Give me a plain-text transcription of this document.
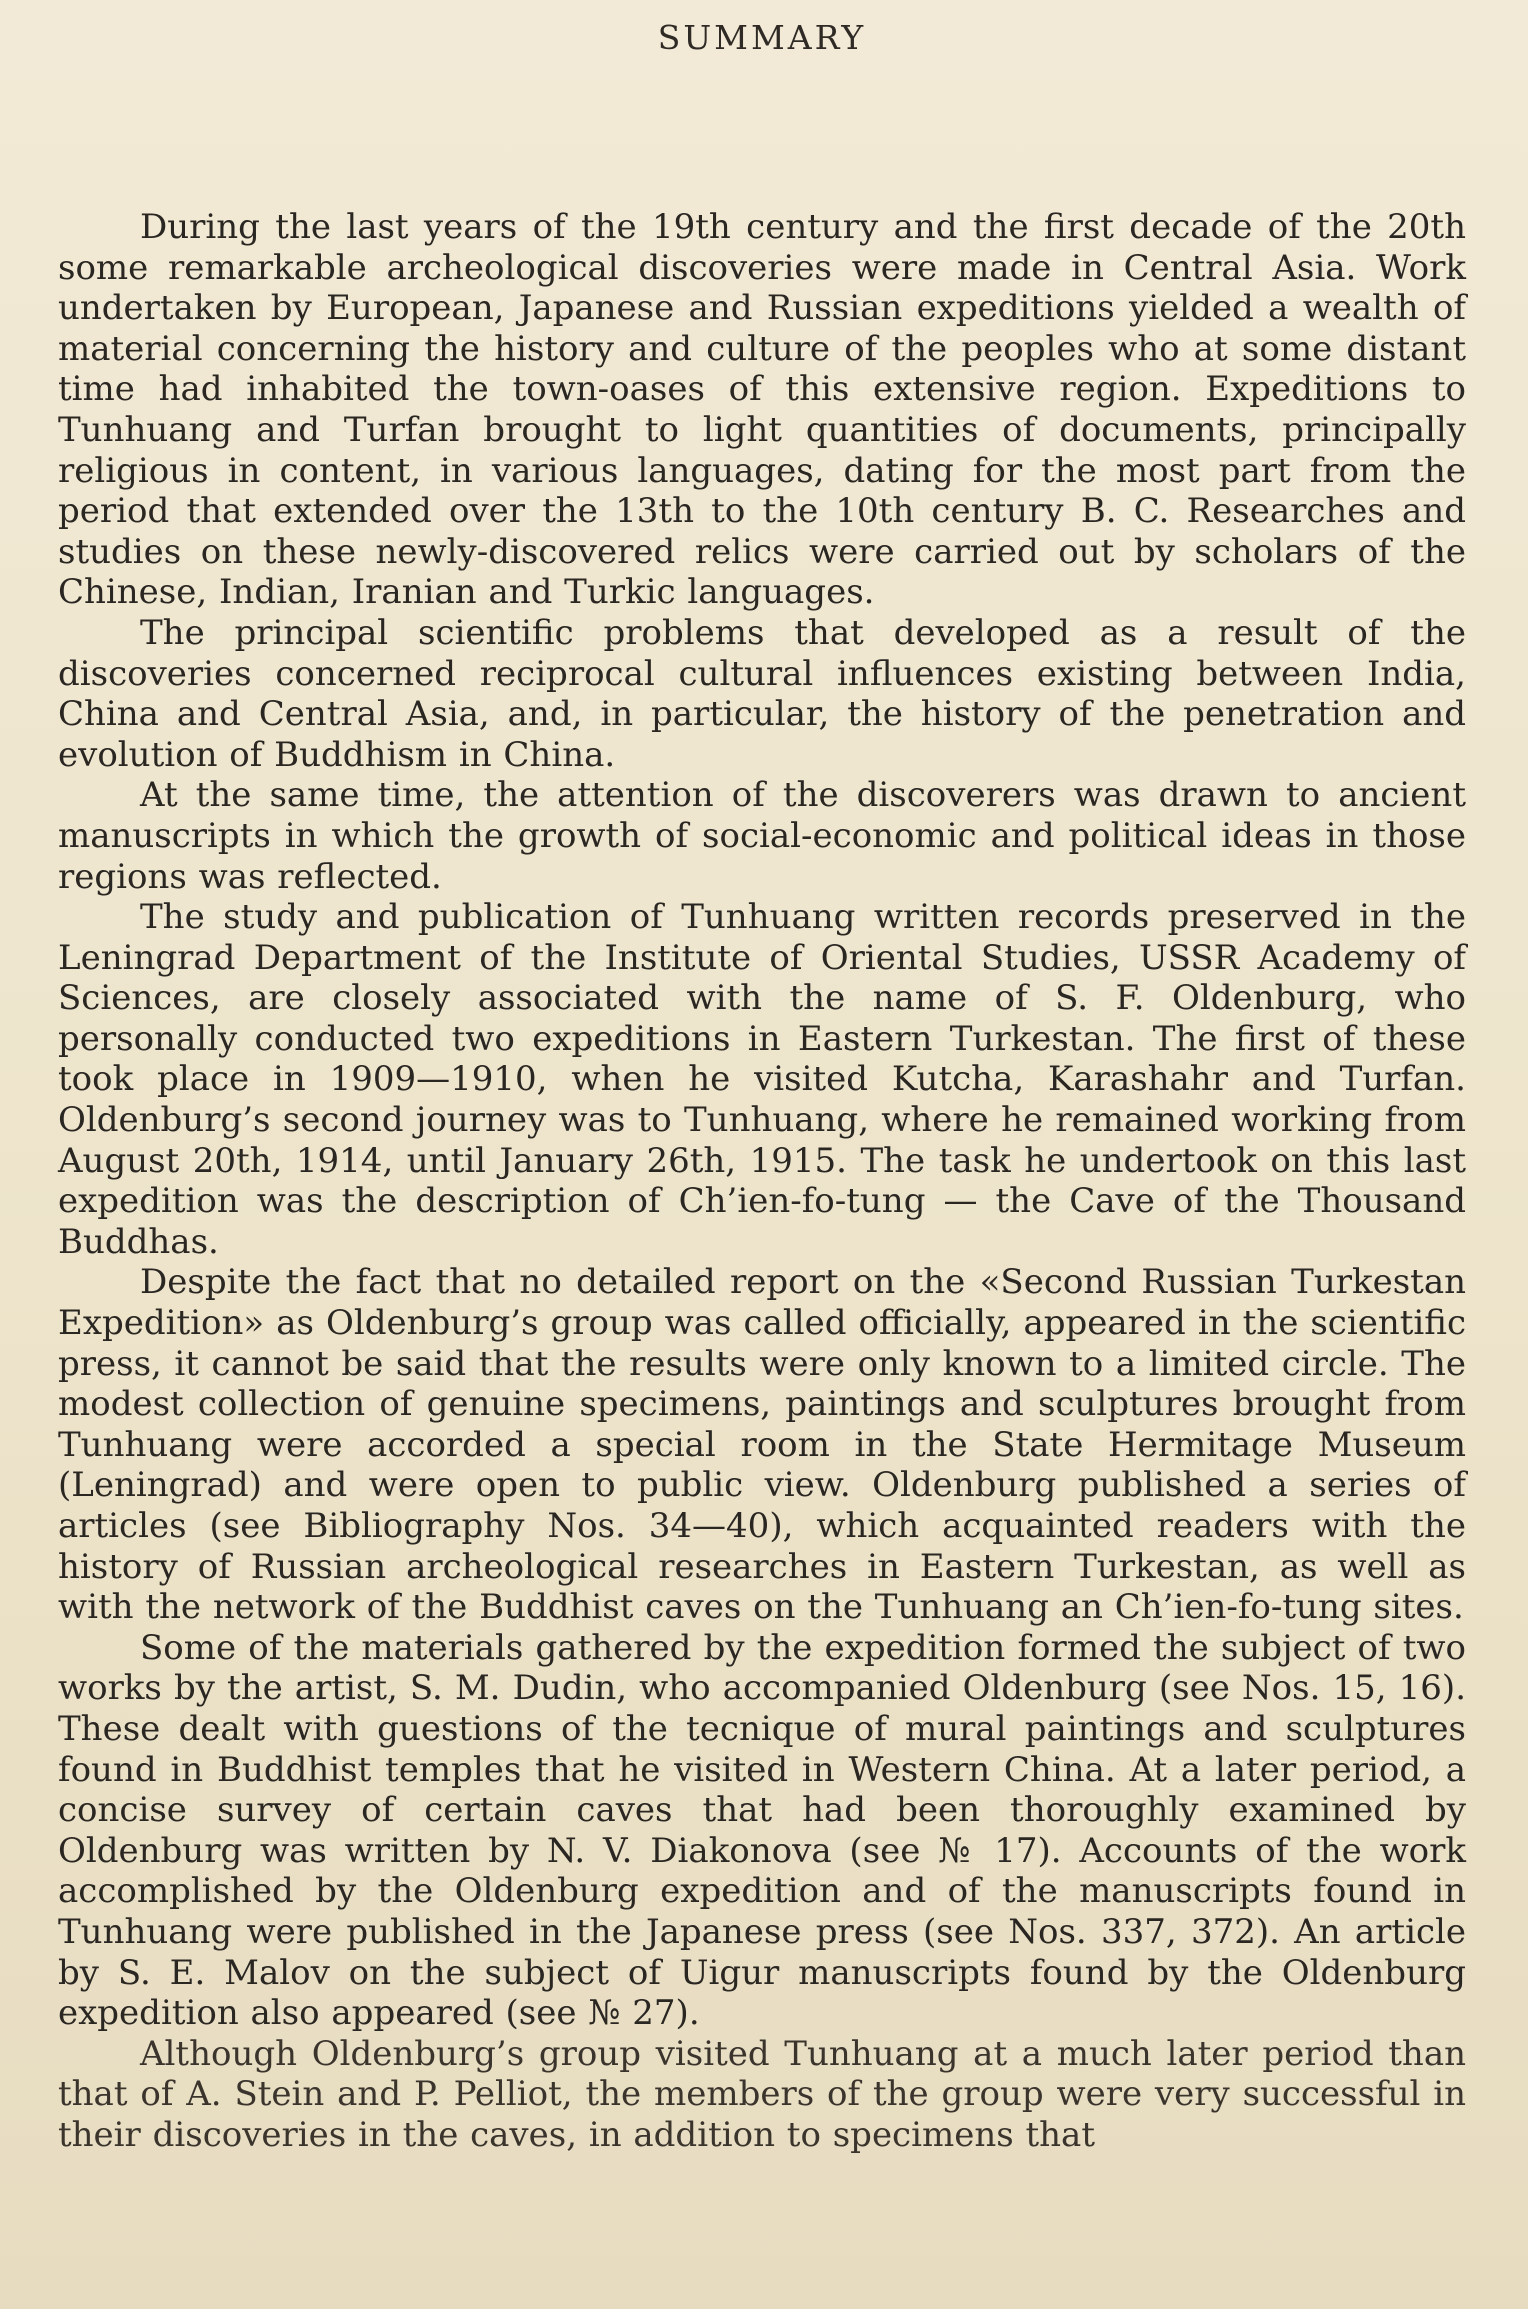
SUMMARY

During the last years of the 19th century and the first decade of the 20th some remarkable archeological discoveries were made in Central Asia. Work undertaken by European, Japanese and Russian expeditions yielded a wealth of material concerning the history and culture of the peoples who at some distant time had inhabited the town-oases of this extensive region. Expeditions to Tunhuang and Turfan brought to light quantities of documents, principally religious in content, in various languages, dating for the most part from the period that extended over the 13th to the 10th century B. C. Researches and studies on these newly-discovered relics were carried out by scholars of the Chinese, Indian, Iranian and Turkic languages.

The principal scientific problems that developed as a result of the discoveries concerned reciprocal cultural influences existing between India, China and Central Asia, and, in particular, the history of the penetration and evolution of Buddhism in China.

At the same time, the attention of the discoverers was drawn to ancient manuscripts in which the growth of social-economic and political ideas in those regions was reflected.

The study and publication of Tunhuang written records preserved in the Leningrad Department of the Institute of Oriental Studies, USSR Academy of Sciences, are closely associated with the name of S. F. Oldenburg, who personally conducted two expeditions in Eastern Turkestan. The first of these took place in 1909—1910, when he visited Kutcha, Karashahr and Turfan. Oldenburg’s second journey was to Tunhuang, where he remained working from August 20th, 1914, until January 26th, 1915. The task he undertook on this last expedition was the description of Ch’ien-fo-tung — the Cave of the Thousand Buddhas.

Despite the fact that no detailed report on the «Second Russian Turkestan Expedition» as Oldenburg’s group was called officially, appeared in the scientific press, it cannot be said that the results were only known to a limited circle. The modest collection of genuine specimens, paintings and sculptures brought from Tunhuang were accorded a special room in the State Hermitage Museum (Leningrad) and were open to public view. Oldenburg published a series of articles (see Bibliography Nos. 34—40), which acquainted readers with the history of Russian archeological researches in Eastern Turkestan, as well as with the network of the Buddhist caves on the Tunhuang an Ch’ien-fo-tung sites.

Some of the materials gathered by the expedition formed the subject of two works by the artist, S. M. Dudin, who accompanied Oldenburg (see Nos. 15, 16). These dealt with guestions of the tecnique of mural paintings and sculptures found in Buddhist temples that he visited in Western China. At a later period, a concise survey of certain caves that had been thoroughly examined by Oldenburg was written by N. V. Diakonova (see № 17). Accounts of the work accomplished by the Oldenburg expedition and of the manuscripts found in Tunhuang were published in the Japanese press (see Nos. 337, 372). An article by S. E. Malov on the subject of Uigur manuscripts found by the Oldenburg expedition also appeared (see № 27).

Although Oldenburg’s group visited Tunhuang at a much later period than that of A. Stein and P. Pelliot, the members of the group were very successful in their discoveries in the caves, in addition to specimens that
